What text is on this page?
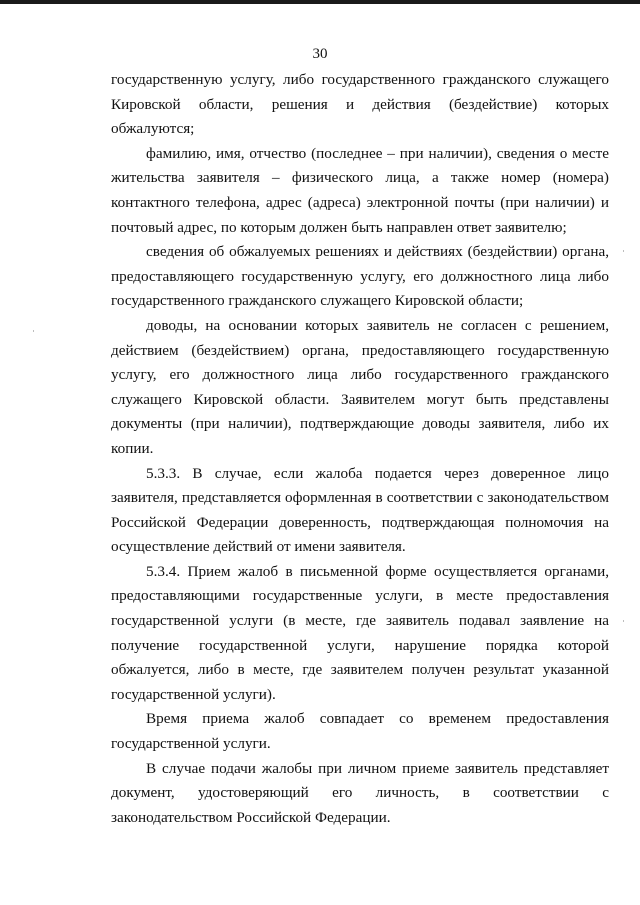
30

государственную услугу, либо государственного гражданского служащего Кировской области, решения и действия (бездействие) которых обжалуются;

фамилию, имя, отчество (последнее – при наличии), сведения о месте жительства заявителя – физического лица, а также номер (номера) контактного телефона, адрес (адреса) электронной почты (при наличии) и почтовый адрес, по которым должен быть направлен ответ заявителю;

сведения об обжалуемых решениях и действиях (бездействии) органа, предоставляющего государственную услугу, его должностного лица либо государственного гражданского служащего Кировской области;

доводы, на основании которых заявитель не согласен с решением, действием (бездействием) органа, предоставляющего государственную услугу, его должностного лица либо государственного гражданского служащего Кировской области. Заявителем могут быть представлены документы (при наличии), подтверждающие доводы заявителя, либо их копии.

5.3.3. В случае, если жалоба подается через доверенное лицо заявителя, представляется оформленная в соответствии с законодательством Российской Федерации доверенность, подтверждающая полномочия на осуществление действий от имени заявителя.

5.3.4. Прием жалоб в письменной форме осуществляется органами, предоставляющими государственные услуги, в месте предоставления государственной услуги (в месте, где заявитель подавал заявление на получение государственной услуги, нарушение порядка которой обжалуется, либо в месте, где заявителем получен результат указанной государственной услуги).

Время приема жалоб совпадает со временем предоставления государственной услуги.

В случае подачи жалобы при личном приеме заявитель представляет документ, удостоверяющий его личность, в соответствии с законодательством Российской Федерации.
